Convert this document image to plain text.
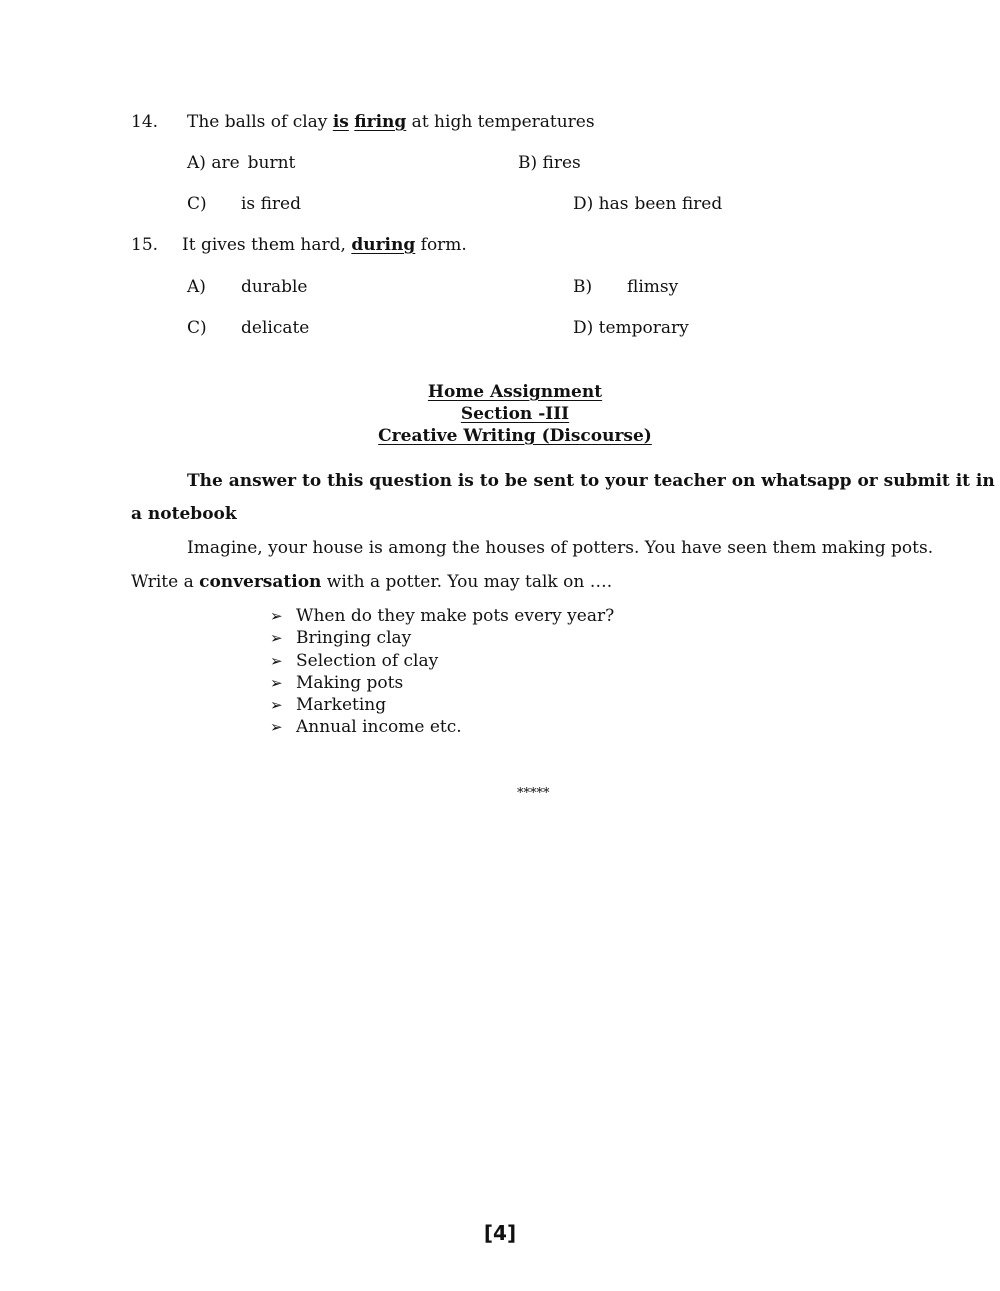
14. The balls of clay is firing at high temperatures
A) are burnt	B) fires
C) is fired	D) has been fired
15. It gives them hard, during form.
A) durable	B) flimsy
C) delicate	D) temporary
Home Assignment
Section -III
Creative Writing (Discourse)
The answer to this question is to be sent to your teacher on whatsapp or submit it in
a notebook
Imagine, your house is among the houses of potters. You have seen them making pots.
Write a conversation with a potter. You may talk on ….
➢ When do they make pots every year?
➢ Bringing clay
➢ Selection of clay
➢ Making pots
➢ Marketing
➢ Annual income etc.
*****
[4]
